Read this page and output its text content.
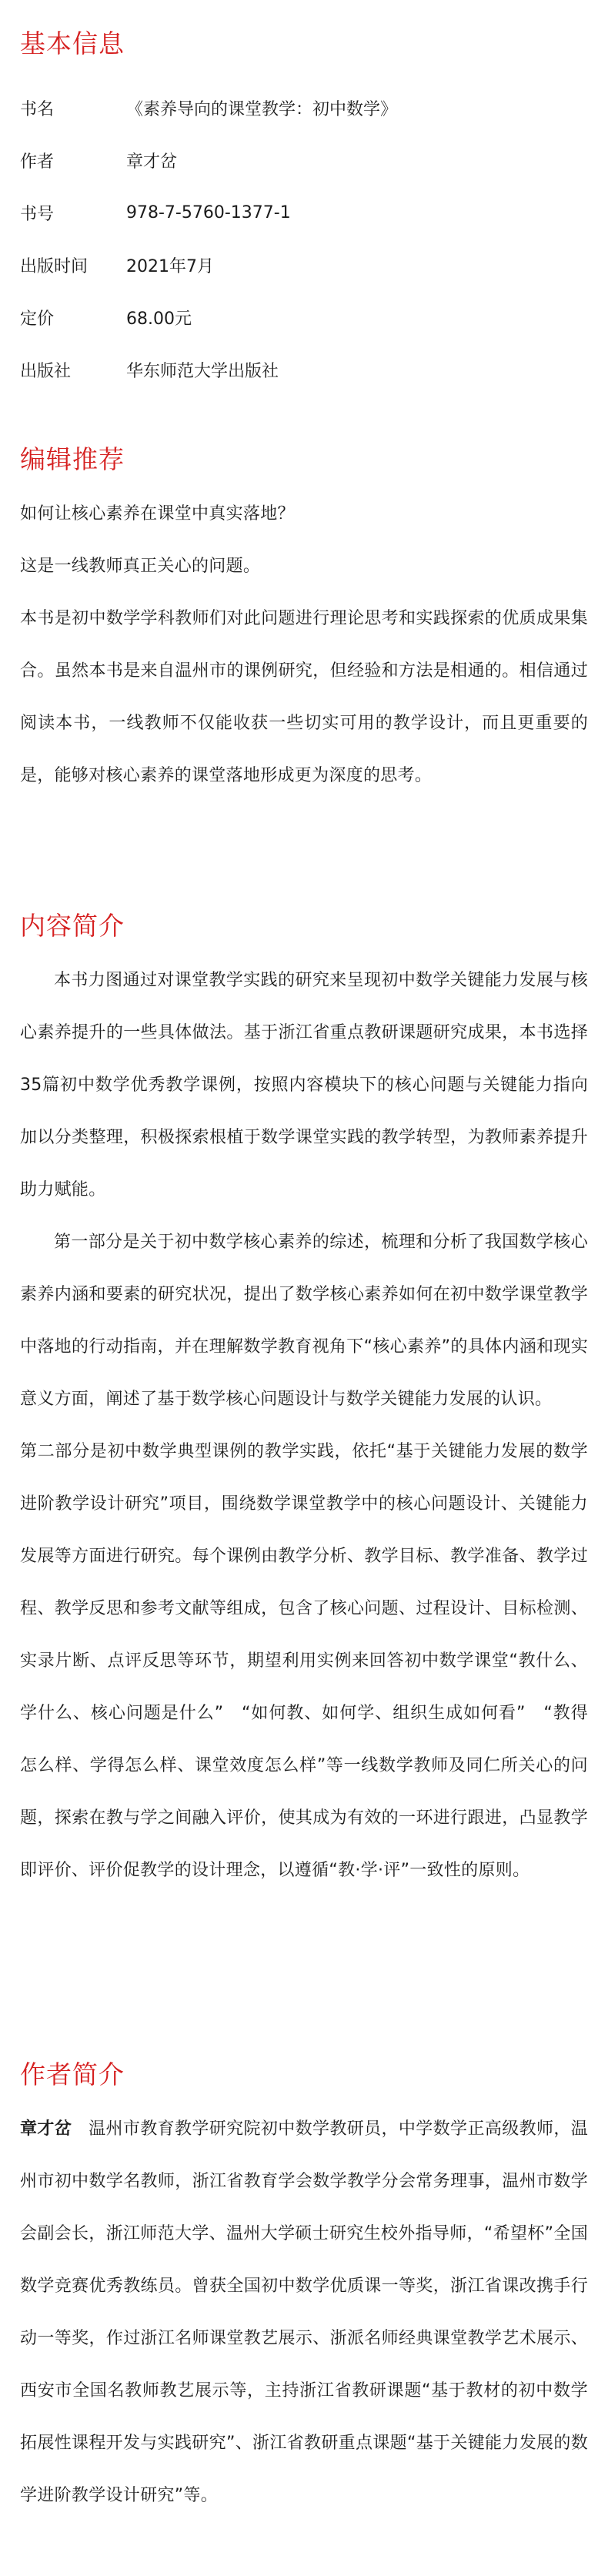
基本信息
书名	《素养导向的课堂教学：初中数学》
作者	章才岔
书号	978-7-5760-1377-1
出版时间	2021年7月
定价	68.00元
出版社	华东师范大学出版社
编辑推荐

如何让核心素养在课堂中真实落地？

这是一线教师真正关心的问题。

本书是初中数学学科教师们对此问题进行理论思考和实践探索的优质成果集合。虽然本书是来自温州市的课例研究，但经验和方法是相通的。相信通过阅读本书，一线教师不仅能收获一些切实可用的教学设计，而且更重要的是，能够对核心素养的课堂落地形成更为深度的思考。

内容简介

本书力图通过对课堂教学实践的研究来呈现初中数学关键能力发展与核心素养提升的一些具体做法。基于浙江省重点教研课题研究成果，本书选择35篇初中数学优秀教学课例，按照内容模块下的核心问题与关键能力指向加以分类整理，积极探索根植于数学课堂实践的教学转型，为教师素养提升助力赋能。

第一部分是关于初中数学核心素养的综述，梳理和分析了我国数学核心素养内涵和要素的研究状况，提出了数学核心素养如何在初中数学课堂教学中落地的行动指南，并在理解数学教育视角下“核心素养”的具体内涵和现实意义方面，阐述了基于数学核心问题设计与数学关键能力发展的认识。

第二部分是初中数学典型课例的教学实践，依托“基于关键能力发展的数学进阶教学设计研究”项目，围绕数学课堂教学中的核心问题设计、关键能力发展等方面进行研究。每个课例由教学分析、教学目标、教学准备、教学过程、教学反思和参考文献等组成，包含了核心问题、过程设计、目标检测、实录片断、点评反思等环节，期望利用实例来回答初中数学课堂“教什么、学什么、核心问题是什么”　“如何教、如何学、组织生成如何看”　“教得怎么样、学得怎么样、课堂效度怎么样”等一线数学教师及同仁所关心的问题，探索在教与学之间融入评价，使其成为有效的一环进行跟进，凸显教学即评价、评价促教学的设计理念，以遵循“教·学·评”一致性的原则。

作者简介

章才岔 温州市教育教学研究院初中数学教研员，中学数学正高级教师，温州市初中数学名教师，浙江省教育学会数学教学分会常务理事，温州市数学会副会长，浙江师范大学、温州大学硕士研究生校外指导师，“希望杯”全国数学竞赛优秀教练员。曾获全国初中数学优质课一等奖，浙江省课改携手行动一等奖，作过浙江名师课堂教艺展示、浙派名师经典课堂教学艺术展示、西安市全国名教师教艺展示等，主持浙江省教研课题“基于教材的初中数学拓展性课程开发与实践研究”、浙江省教研重点课题“基于关键能力发展的数学进阶教学设计研究”等。
